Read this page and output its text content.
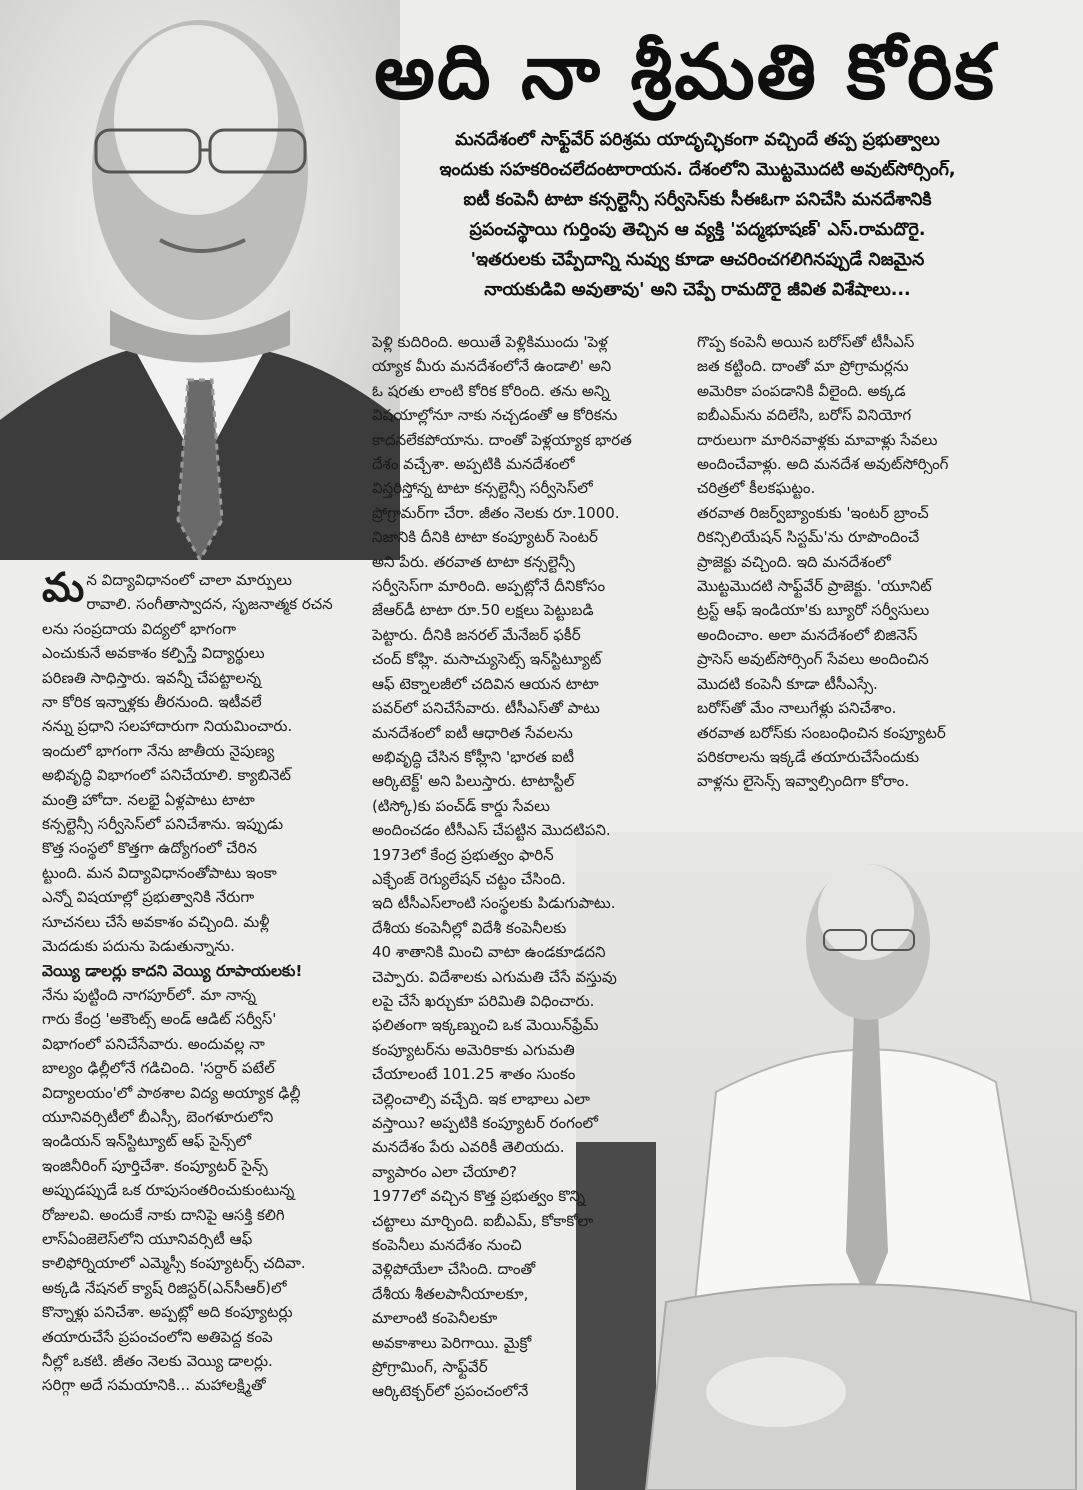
అది నా శ్రీమతి కోరిక
మనదేశంలో సాఫ్ట్‌వేర్ పరిశ్రమ యాదృచ్ఛికంగా వచ్చిందే తప్ప ప్రభుత్వాలు
ఇందుకు సహకరించలేదంటారాయన. దేశంలోని మొట్టమొదటి అవుట్‌సోర్సింగ్,
ఐటీ కంపెనీ టాటా కన్సల్టెన్సీ సర్వీసెస్‌కు సీఈఓగా పనిచేసి మనదేశానికి
ప్రపంచస్థాయి గుర్తింపు తెచ్చిన ఆ వ్యక్తి 'పద్మభూషణ్' ఎస్.రామదొరై.
'ఇతరులకు చెప్పేదాన్ని నువ్వు కూడా ఆచరించగలిగినప్పుడే నిజమైన
నాయకుడివి అవుతావు' అని చెప్పే రామదొరై జీవిత విశేషాలు...
మ న విద్యావిధానంలో చాలా మార్పులు
రావాలి. సంగీతాస్వాదన, సృజనాత్మక రచన
లను సంప్రదాయ విద్యలో భాగంగా
ఎంచుకునే అవకాశం కల్పిస్తే విద్యార్థులు
పరిణతి సాధిస్తారు. ఇవన్నీ చేపట్టాలన్న
నా కోరిక ఇన్నాళ్లకు తీరనుంది. ఇటీవలే
నన్ను ప్రధాని సలహాదారుగా నియమించారు.
ఇందులో భాగంగా నేను జాతీయ నైపుణ్య
అభివృద్ధి విభాగంలో పనిచేయాలి. క్యాబినెట్
మంత్రి హోదా. నలభై ఏళ్లపాటు టాటా
కన్సల్టెన్సీ సర్వీసెస్‌లో పనిచేశాను. ఇప్పుడు
కొత్త సంస్థలో కొత్తగా ఉద్యోగంలో చేరిన
ట్టుంది. మన విద్యావిధానంతోపాటు ఇంకా
ఎన్నో విషయాల్లో ప్రభుత్వానికి నేరుగా
సూచనలు చేసే అవకాశం వచ్చింది. మళ్లీ
మెదడుకు పదును పెడుతున్నాను.
వెయ్యి డాలర్లు కాదని వెయ్యి రూపాయలకు!
నేను పుట్టింది నాగపూర్‌లో. మా నాన్న
గారు కేంద్ర 'అకౌంట్స్ అండ్ ఆడిట్ సర్వీస్'
విభాగంలో పనిచేసేవారు. అందువల్ల నా
బాల్యం ఢిల్లీలోనే గడిచింది. 'సర్దార్ పటేల్
విద్యాలయం'లో పాఠశాల విద్య అయ్యాక ఢిల్లీ
యూనివర్సిటీలో బీఎస్సీ, బెంగళూరులోని
ఇండియన్ ఇన్‌స్టిట్యూట్ ఆఫ్ సైన్స్‌లో
ఇంజినీరింగ్ పూర్తిచేశా. కంప్యూటర్ సైన్స్
అప్పుడప్పుడే ఒక రూపుసంతరించుకుంటున్న
రోజులవి. అందుకే నాకు దానిపై ఆసక్తి కలిగి
లాస్‌ఏంజెలెస్‌లోని యూనివర్సిటీ ఆఫ్
కాలిఫోర్నియాలో ఎమ్మెస్సీ కంప్యూటర్స్ చదివా.
అక్కడి నేషనల్ క్యాష్ రిజిస్టర్(ఎన్‌సీఆర్)లో
కొన్నాళ్లు పనిచేశా. అప్పట్లో అది కంప్యూటర్లు
తయారుచేసే ప్రపంచంలోని అతిపెద్ద కంపె
నీల్లో ఒకటి. జీతం నెలకు వెయ్యి డాలర్లు.
సరిగ్గా అదే సమయానికి... మహాలక్ష్మితో
పెళ్లి కుదిరింది. అయితే పెళ్లికిముందు 'పెళ్ల
య్యాక మీరు మనదేశంలోనే ఉండాలి' అని
ఓ షరతు లాంటి కోరిక కోరింది. తను అన్ని
విషయాల్లోనూ నాకు నచ్చడంతో ఆ కోరికను
కాదనలేకపోయాను. దాంతో పెళ్లయ్యాక భారత
దేశం వచ్చేశా. అప్పటికి మనదేశంలో
విస్తరిస్తోన్న టాటా కన్సల్టెన్సీ సర్వీసెస్‌లో
ప్రోగ్రామర్‌గా చేరా. జీతం నెలకు రూ.1000.
నిజానికి దీనికి టాటా కంప్యూటర్ సెంటర్
అని పేరు. తరవాత టాటా కన్సల్టెన్సీ
సర్వీసెస్‌గా మారింది. అప్పట్లోనే దీనికోసం
జేఆర్‌డీ టాటా రూ.50 లక్షలు పెట్టుబడి
పెట్టారు. దీనికి జనరల్ మేనేజర్ ఫకీర్
చంద్ కోహ్లి. మసాచ్యుసెట్స్ ఇన్‌స్టిట్యూట్
ఆఫ్ టెక్నాలజీలో చదివిన ఆయన టాటా
పవర్‌లో పనిచేసేవారు. టీసీఎస్‌తో పాటు
మనదేశంలో ఐటీ ఆధారిత సేవలను
అభివృద్ధి చేసిన కోహ్లీని 'భారత ఐటీ
ఆర్కిటెక్ట్' అని పిలుస్తారు. టాటాస్టీల్
(టిస్కో)కు పంచ్‌డ్ కార్డు సేవలు
అందించడం టీసీఎస్ చేపట్టిన మొదటిపని.
1973లో కేంద్ర ప్రభుత్వం ఫారిన్
ఎక్ఛేంజ్ రెగ్యులేషన్ చట్టం చేసింది.
ఇది టీసీఎస్‌లాంటి సంస్థలకు పిడుగుపాటు.
దేశీయ కంపెనీల్లో విదేశీ కంపెనీలకు
40 శాతానికి మించి వాటా ఉండకూడదని
చెప్పారు. విదేశాలకు ఎగుమతి చేసే వస్తువు
లపై చేసే ఖర్చుకూ పరిమితి విధించారు.
ఫలితంగా ఇక్కణ్నుంచి ఒక మెయిన్‌ఫ్రేమ్
కంప్యూటర్‌ను అమెరికాకు ఎగుమతి
చేయాలంటే 101.25 శాతం సుంకం
చెల్లించాల్సి వచ్చేది. ఇక లాభాలు ఎలా
వస్తాయి? అప్పటికి కంప్యూటర్ రంగంలో
మనదేశం పేరు ఎవరికీ తెలియదు.
వ్యాపారం ఎలా చేయాలి?
1977లో వచ్చిన కొత్త ప్రభుత్వం కొన్ని
చట్టాలు మార్చింది. ఐబీఎమ్, కోకాకోలా
కంపెనీలు మనదేశం నుంచి
వెళ్లిపోయేలా చేసింది. దాంతో
దేశీయ శీతలపానీయాలకూ,
మాలాంటి కంపెనీలకూ
అవకాశాలు పెరిగాయి. మైక్రో
ప్రోగ్రామింగ్, సాఫ్ట్‌వేర్
ఆర్కిటెక్చర్‌లో ప్రపంచంలోనే
గొప్ప కంపెనీ అయిన బరోస్‌తో టీసీఎస్
జత కట్టింది. దాంతో మా ప్రోగ్రామర్లను
అమెరికా పంపడానికి వీలైంది. అక్కడ
ఐబీఎమ్‌ను వదిలేసి, బరోస్ వినియోగ
దారులుగా మారినవాళ్లకు మావాళ్లు సేవలు
అందించేవాళ్లు. అది మనదేశ అవుట్‌సోర్సింగ్
చరిత్రలో కీలకఘట్టం.
తరవాత రిజర్వ్‌బ్యాంకుకు 'ఇంటర్ బ్రాంచ్
రికన్సిలియేషన్ సిస్టమ్'ను రూపొందించే
ప్రాజెక్టు వచ్చింది. ఇది మనదేశంలో
మొట్టమొదటి సాఫ్ట్‌వేర్ ప్రాజెక్టు. 'యూనిట్
ట్రస్ట్ ఆఫ్ ఇండియా'కు బ్యూరో సర్వీసులు
అందించాం. అలా మనదేశంలో బిజినెస్
ప్రాసెస్ అవుట్‌సోర్సింగ్ సేవలు అందించిన
మొదటి కంపెనీ కూడా టీసీఎస్సే.
బరోస్‌తో మేం నాలుగేళ్లు పనిచేశాం.
తరవాత బరోస్‌కు సంబంధించిన కంప్యూటర్
పరికరాలను ఇక్కడే తయారుచేసేందుకు
వాళ్లను లైసెన్స్ ఇవ్వాల్సిందిగా కోరాం.
